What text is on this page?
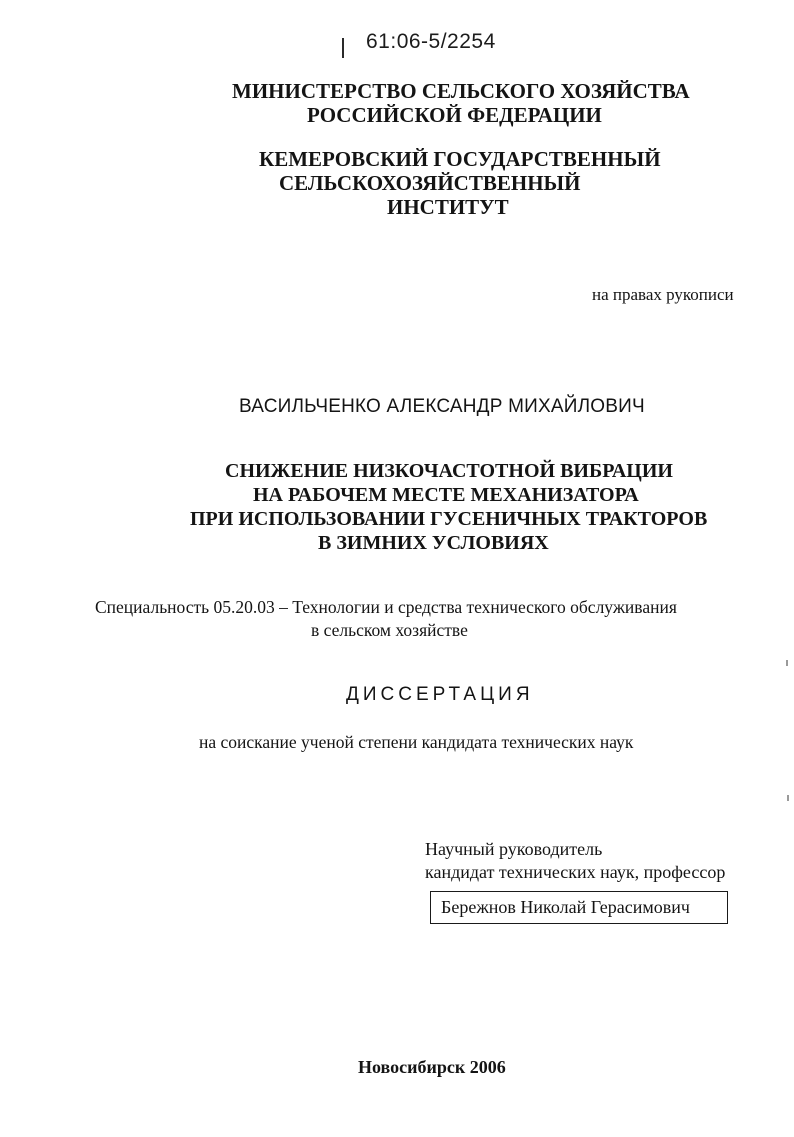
61:06-5/2254
МИНИСТЕРСТВО СЕЛЬСКОГО ХОЗЯЙСТВА
РОССИЙСКОЙ ФЕДЕРАЦИИ
КЕМЕРОВСКИЙ ГОСУДАРСТВЕННЫЙ
СЕЛЬСКОХОЗЯЙСТВЕННЫЙ
ИНСТИТУТ
на правах рукописи
ВАСИЛЬЧЕНКО АЛЕКСАНДР МИХАЙЛОВИЧ
СНИЖЕНИЕ НИЗКОЧАСТОТНОЙ ВИБРАЦИИ
НА РАБОЧЕМ МЕСТЕ МЕХАНИЗАТОРА
ПРИ ИСПОЛЬЗОВАНИИ ГУСЕНИЧНЫХ ТРАКТОРОВ
В ЗИМНИХ УСЛОВИЯХ
Специальность 05.20.03 – Технологии и средства технического обслуживания
в сельском хозяйстве
ДИССЕРТАЦИЯ
на соискание ученой степени кандидата технических наук
Научный руководитель
кандидат технических наук, профессор
Бережнов Николай Герасимович
Новосибирск 2006
